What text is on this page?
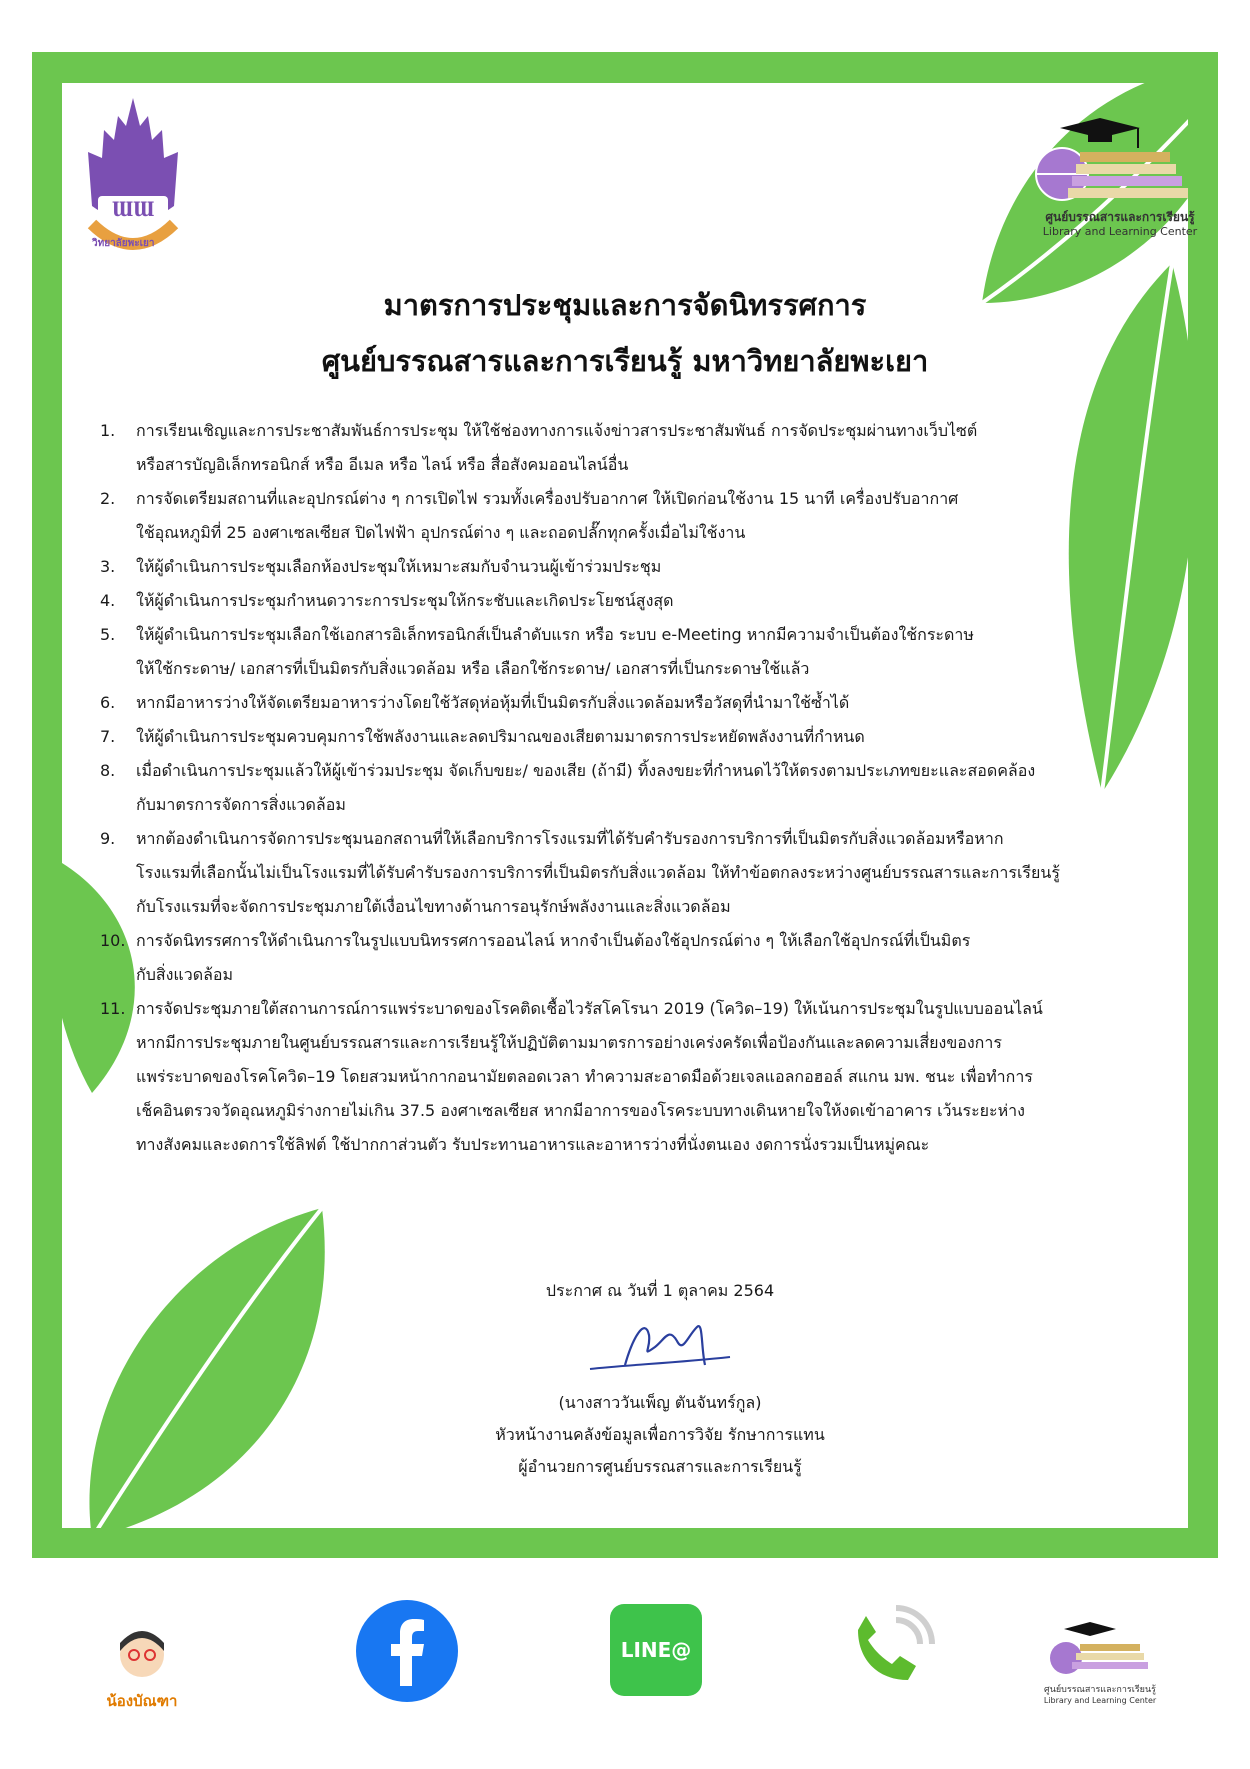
ƜƜ
วิทยาลัยพะเยา
ศูนย์บรรณสารและการเรียนรู้
Library and Learning Center
มาตรการประชุมและการจัดนิทรรศการ
ศูนย์บรรณสารและการเรียนรู้ มหาวิทยาลัยพะเยา
1.	การเรียนเชิญและการประชาสัมพันธ์การประชุม ให้ใช้ช่องทางการแจ้งข่าวสารประชาสัมพันธ์ การจัดประชุมผ่านทางเว็บไซต์
หรือสารบัญอิเล็กทรอนิกส์ หรือ อีเมล หรือ ไลน์ หรือ สื่อสังคมออนไลน์อื่น
2.	การจัดเตรียมสถานที่และอุปกรณ์ต่าง ๆ การเปิดไฟ รวมทั้งเครื่องปรับอากาศ ให้เปิดก่อนใช้งาน 15 นาที เครื่องปรับอากาศ
ใช้อุณหภูมิที่ 25 องศาเซลเซียส ปิดไฟฟ้า อุปกรณ์ต่าง ๆ และถอดปลั๊กทุกครั้งเมื่อไม่ใช้งาน
3.	ให้ผู้ดำเนินการประชุมเลือกห้องประชุมให้เหมาะสมกับจำนวนผู้เข้าร่วมประชุม
4.	ให้ผู้ดำเนินการประชุมกำหนดวาระการประชุมให้กระชับและเกิดประโยชน์สูงสุด
5.	ให้ผู้ดำเนินการประชุมเลือกใช้เอกสารอิเล็กทรอนิกส์เป็นลำดับแรก หรือ ระบบ e-Meeting หากมีความจำเป็นต้องใช้กระดาษ
ให้ใช้กระดาษ/ เอกสารที่เป็นมิตรกับสิ่งแวดล้อม หรือ เลือกใช้กระดาษ/ เอกสารที่เป็นกระดาษใช้แล้ว
6.	หากมีอาหารว่างให้จัดเตรียมอาหารว่างโดยใช้วัสดุห่อหุ้มที่เป็นมิตรกับสิ่งแวดล้อมหรือวัสดุที่นำมาใช้ซ้ำได้
7.	ให้ผู้ดำเนินการประชุมควบคุมการใช้พลังงานและลดปริมาณของเสียตามมาตรการประหยัดพลังงานที่กำหนด
8.	เมื่อดำเนินการประชุมแล้วให้ผู้เข้าร่วมประชุม จัดเก็บขยะ/ ของเสีย (ถ้ามี) ทิ้งลงขยะที่กำหนดไว้ให้ตรงตามประเภทขยะและสอดคล้อง
กับมาตรการจัดการสิ่งแวดล้อม
9.	หากต้องดำเนินการจัดการประชุมนอกสถานที่ให้เลือกบริการโรงแรมที่ได้รับคำรับรองการบริการที่เป็นมิตรกับสิ่งแวดล้อมหรือหาก
โรงแรมที่เลือกนั้นไม่เป็นโรงแรมที่ได้รับคำรับรองการบริการที่เป็นมิตรกับสิ่งแวดล้อม ให้ทำข้อตกลงระหว่างศูนย์บรรณสารและการเรียนรู้
กับโรงแรมที่จะจัดการประชุมภายใต้เงื่อนไขทางด้านการอนุรักษ์พลังงานและสิ่งแวดล้อม
10. การจัดนิทรรศการให้ดำเนินการในรูปแบบนิทรรศการออนไลน์ หากจำเป็นต้องใช้อุปกรณ์ต่าง ๆ ให้เลือกใช้อุปกรณ์ที่เป็นมิตร
กับสิ่งแวดล้อม
11. การจัดประชุมภายใต้สถานการณ์การแพร่ระบาดของโรคติดเชื้อไวรัสโคโรนา 2019 (โควิด–19) ให้เน้นการประชุมในรูปแบบออนไลน์
หากมีการประชุมภายในศูนย์บรรณสารและการเรียนรู้ให้ปฏิบัติตามมาตรการอย่างเคร่งครัดเพื่อป้องกันและลดความเสี่ยงของการ
แพร่ระบาดของโรคโควิด–19 โดยสวมหน้ากากอนามัยตลอดเวลา ทำความสะอาดมือด้วยเจลแอลกอฮอล์ สแกน มพ. ชนะ เพื่อทำการ
เช็คอินตรวจวัดอุณหภูมิร่างกายไม่เกิน 37.5 องศาเซลเซียส หากมีอาการของโรคระบบทางเดินหายใจให้งดเข้าอาคาร เว้นระยะห่าง
ทางสังคมและงดการใช้ลิฟต์ ใช้ปากกาส่วนตัว รับประทานอาหารและอาหารว่างที่นั่งตนเอง งดการนั่งรวมเป็นหมู่คณะ
ประกาศ ณ วันที่ 1 ตุลาคม 2564
(นางสาววันเพ็ญ ตันจันทร์กูล)
หัวหน้างานคลังข้อมูลเพื่อการวิจัย รักษาการแทน
ผู้อำนวยการศูนย์บรรณสารและการเรียนรู้
น้องบัณฑา
LINE@
ศูนย์บรรณสารและการเรียนรู้
Library and Learning Center
